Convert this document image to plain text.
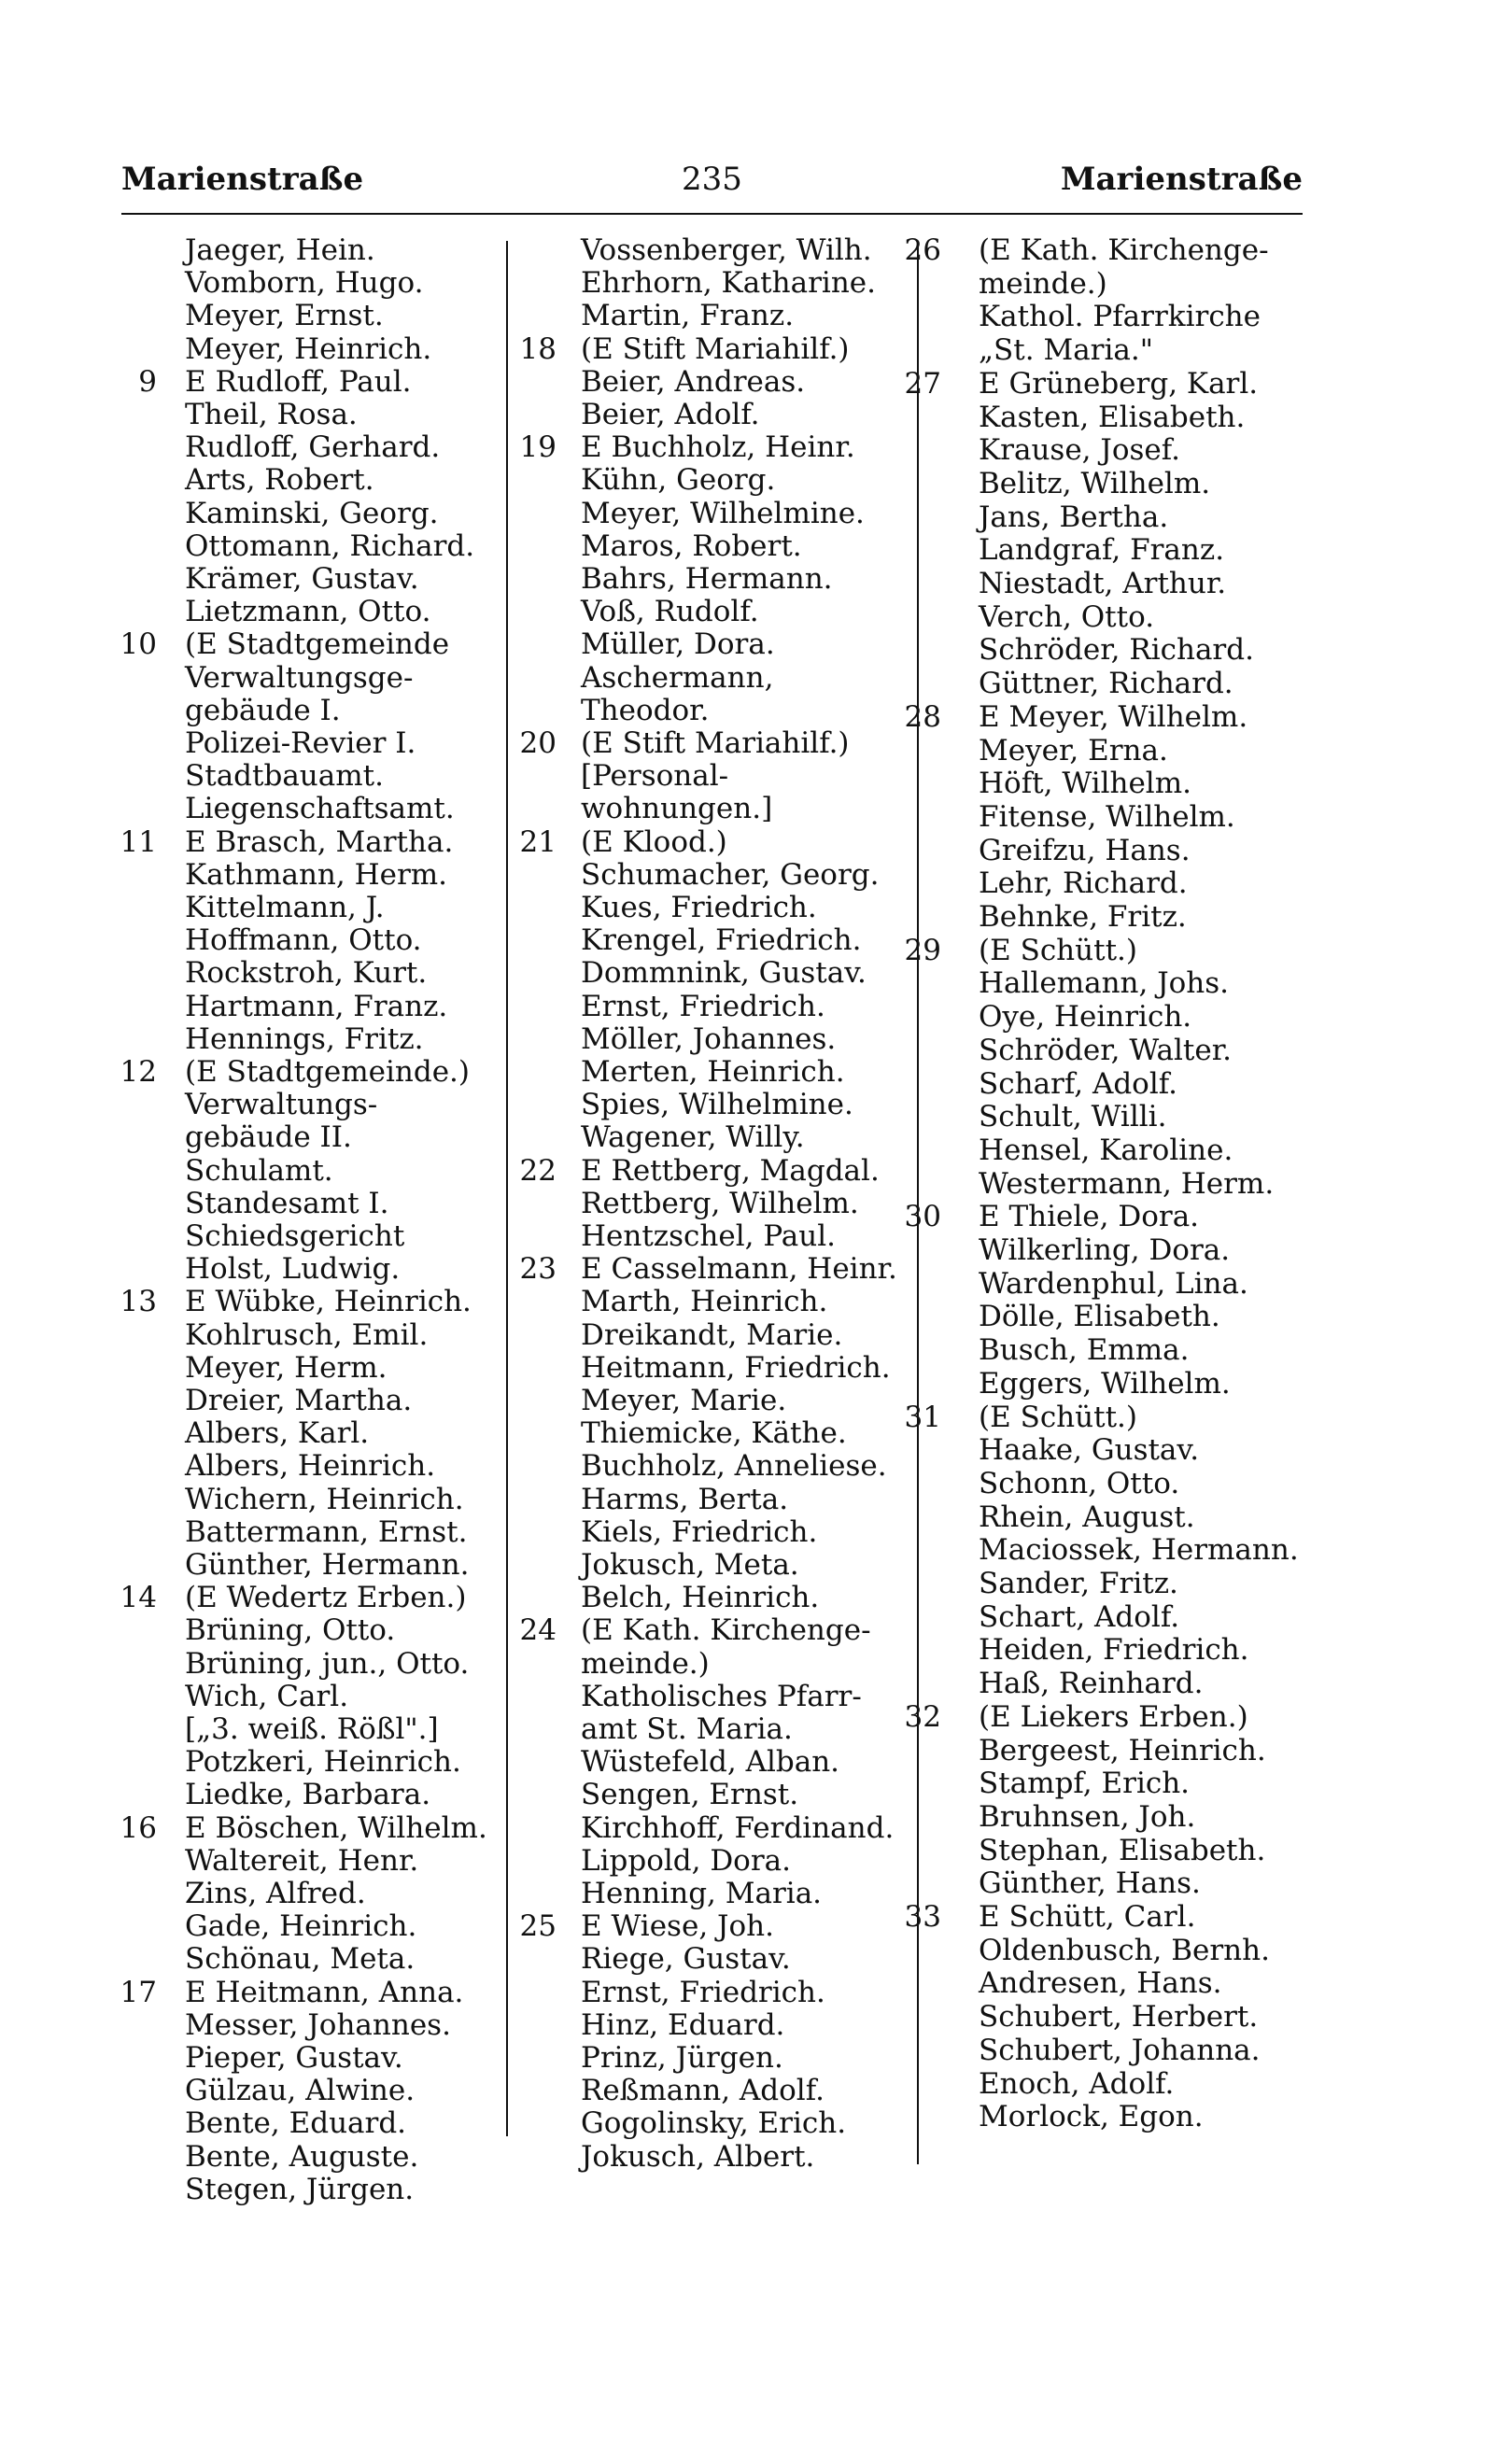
Marienstraße	235	Marienstraße
Jaeger, Hein.
Vomborn, Hugo.
Meyer, Ernst.
Meyer, Heinrich.
9 E Rudloff, Paul.
Theil, Rosa.
Rudloff, Gerhard.
Arts, Robert.
Kaminski, Georg.
Ottomann, Richard.
Krämer, Gustav.
Lietzmann, Otto.
10 (E Stadtgemeinde
Verwaltungsge-
gebäude I.
Polizei-Revier I.
Stadtbauamt.
Liegenschaftsamt.
11 E Brasch, Martha.
Kathmann, Herm.
Kittelmann, J.
Hoffmann, Otto.
Rockstroh, Kurt.
Hartmann, Franz.
Hennings, Fritz.
12 (E Stadtgemeinde.)
Verwaltungs-
gebäude II.
Schulamt.
Standesamt I.
Schiedsgericht
Holst, Ludwig.
13 E Wübke, Heinrich.
Kohlrusch, Emil.
Meyer, Herm.
Dreier, Martha.
Albers, Karl.
Albers, Heinrich.
Wichern, Heinrich.
Battermann, Ernst.
Günther, Hermann.
14 (E Wedertz Erben.)
Brüning, Otto.
Brüning, jun., Otto.
Wich, Carl.
[„3. weiß. Rößl".]
Potzkeri, Heinrich.
Liedke, Barbara.
16 E Böschen, Wilhelm.
Waltereit, Henr.
Zins, Alfred.
Gade, Heinrich.
Schönau, Meta.
17 E Heitmann, Anna.
Messer, Johannes.
Pieper, Gustav.
Gülzau, Alwine.
Bente, Eduard.
Bente, Auguste.
Stegen, Jürgen.
Vossenberger, Wilh.
Ehrhorn, Katharine.
Martin, Franz.
18 (E Stift Mariahilf.)
Beier, Andreas.
Beier, Adolf.
19 E Buchholz, Heinr.
Kühn, Georg.
Meyer, Wilhelmine.
Maros, Robert.
Bahrs, Hermann.
Voß, Rudolf.
Müller, Dora.
Aschermann,
Theodor.
20 (E Stift Mariahilf.)
[Personal-
wohnungen.]
21 (E Klood.)
Schumacher, Georg.
Kues, Friedrich.
Krengel, Friedrich.
Dommnink, Gustav.
Ernst, Friedrich.
Möller, Johannes.
Merten, Heinrich.
Spies, Wilhelmine.
Wagener, Willy.
22 E Rettberg, Magdal.
Rettberg, Wilhelm.
Hentzschel, Paul.
23 E Casselmann, Heinr.
Marth, Heinrich.
Dreikandt, Marie.
Heitmann, Friedrich.
Meyer, Marie.
Thiemicke, Käthe.
Buchholz, Anneliese.
Harms, Berta.
Kiels, Friedrich.
Jokusch, Meta.
Belch, Heinrich.
24 (E Kath. Kirchenge-
meinde.)
Katholisches Pfarr-
amt St. Maria.
Wüstefeld, Alban.
Sengen, Ernst.
Kirchhoff, Ferdinand.
Lippold, Dora.
Henning, Maria.
25 E Wiese, Joh.
Riege, Gustav.
Ernst, Friedrich.
Hinz, Eduard.
Prinz, Jürgen.
Reßmann, Adolf.
Gogolinsky, Erich.
Jokusch, Albert.
26 (E Kath. Kirchenge-
meinde.)
Kathol. Pfarrkirche
„St. Maria."
27 E Grüneberg, Karl.
Kasten, Elisabeth.
Krause, Josef.
Belitz, Wilhelm.
Jans, Bertha.
Landgraf, Franz.
Niestadt, Arthur.
Verch, Otto.
Schröder, Richard.
Güttner, Richard.
28 E Meyer, Wilhelm.
Meyer, Erna.
Höft, Wilhelm.
Fitense, Wilhelm.
Greifzu, Hans.
Lehr, Richard.
Behnke, Fritz.
29 (E Schütt.)
Hallemann, Johs.
Oye, Heinrich.
Schröder, Walter.
Scharf, Adolf.
Schult, Willi.
Hensel, Karoline.
Westermann, Herm.
30 E Thiele, Dora.
Wilkerling, Dora.
Wardenphul, Lina.
Dölle, Elisabeth.
Busch, Emma.
Eggers, Wilhelm.
31 (E Schütt.)
Haake, Gustav.
Schonn, Otto.
Rhein, August.
Maciossek, Hermann.
Sander, Fritz.
Schart, Adolf.
Heiden, Friedrich.
Haß, Reinhard.
32 (E Liekers Erben.)
Bergeest, Heinrich.
Stampf, Erich.
Bruhnsen, Joh.
Stephan, Elisabeth.
Günther, Hans.
33 E Schütt, Carl.
Oldenbusch, Bernh.
Andresen, Hans.
Schubert, Herbert.
Schubert, Johanna.
Enoch, Adolf.
Morlock, Egon.
